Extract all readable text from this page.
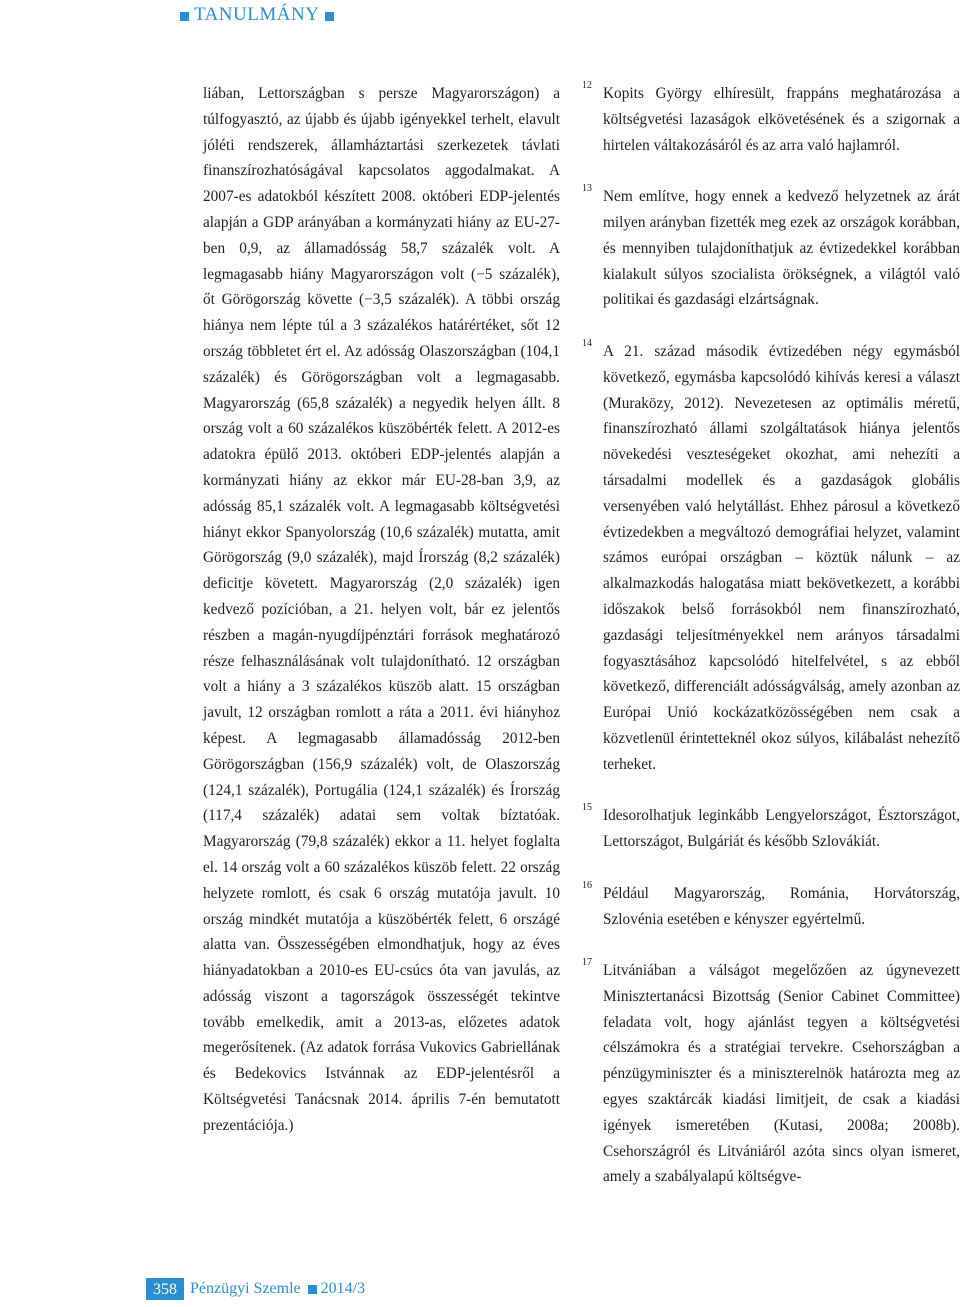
TANULMÁNY

liában, Lettországban s persze Magyarországon) a túlfogyasztó, az újabb és újabb igényekkel terhelt, elavult jóléti rendszerek, államháztartási szerkezetek távlati finanszírozhatóságával kapcsolatos aggodalmakat. A 2007-es adatokból készített 2008. októberi EDP-jelentés alapján a GDP arányában a kormányzati hiány az EU-27-ben 0,9, az államadósság 58,7 százalék volt. A legmagasabb hiány Magyarországon volt (−5 százalék), őt Görögország követte (−3,5 százalék). A többi ország hiánya nem lépte túl a 3 százalékos határértéket, sőt 12 ország többletet ért el. Az adósság Olaszországban (104,1 százalék) és Görögországban volt a legmagasabb. Magyarország (65,8 százalék) a negyedik helyen állt. 8 ország volt a 60 százalékos küszöbérték felett. A 2012-es adatokra épülő 2013. októberi EDP-jelentés alapján a kormányzati hiány az ekkor már EU-28-ban 3,9, az adósság 85,1 százalék volt. A legmagasabb költségvetési hiányt ekkor Spanyolország (10,6 százalék) mutatta, amit Görögország (9,0 százalék), majd Írország (8,2 százalék) deficitje követett. Magyarország (2,0 százalék) igen kedvező pozícióban, a 21. helyen volt, bár ez jelentős részben a magán-nyugdíjpénztári források meghatározó része felhasználásának volt tulajdonítható. 12 országban volt a hiány a 3 százalékos küszöb alatt. 15 országban javult, 12 országban romlott a ráta a 2011. évi hiányhoz képest. A legmagasabb államadósság 2012-ben Görögországban (156,9 százalék) volt, de Olaszország (124,1 százalék), Portugália (124,1 százalék) és Írország (117,4 százalék) adatai sem voltak bíztatóak. Magyarország (79,8 százalék) ekkor a 11. helyet foglalta el. 14 ország volt a 60 százalékos küszöb felett. 22 ország helyzete romlott, és csak 6 ország mutatója javult. 10 ország mindkét mutatója a küszöbérték felett, 6 országé alatta van. Összességében elmondhatjuk, hogy az éves hiányadatokban a 2010-es EU-csúcs óta van javulás, az adósság viszont a tagországok összességét tekintve tovább emelkedik, amit a 2013-as, előzetes adatok megerősítenek. (Az adatok forrása Vukovics Gabriellának és Bedekovics Istvánnak az EDP-jelentésről a Költségvetési Tanácsnak 2014. április 7-én bemutatott prezentációja.)

12 Kopits György elhíresült, frappáns meghatározása a költségvetési lazaságok elkövetésének és a szigornak a hirtelen váltakozásáról és az arra való hajlamról.
13 Nem említve, hogy ennek a kedvező helyzetnek az árát milyen arányban fizették meg ezek az országok korábban, és mennyiben tulajdoníthatjuk az évtizedekkel korábban kialakult súlyos szocialista örökségnek, a világtól való politikai és gazdasági elzártságnak.
14 A 21. század második évtizedében négy egymásból következő, egymásba kapcsolódó kihívás keresi a választ (Muraközy, 2012). Nevezetesen az optimális méretű, finanszírozható állami szolgáltatások hiánya jelentős növekedési veszteségeket okozhat, ami nehezíti a társadalmi modellek és a gazdaságok globális versenyében való helytállást. Ehhez párosul a következő évtizedekben a megváltozó demográfiai helyzet, valamint számos európai országban – köztük nálunk – az alkalmazkodás halogatása miatt bekövetkezett, a korábbi időszakok belső forrásokból nem finanszírozható, gazdasági teljesítményekkel nem arányos társadalmi fogyasztásához kapcsolódó hitelfelvétel, s az ebből következő, differenciált adósságválság, amely azonban az Európai Unió kockázatközösségében nem csak a közvetlenül érintetteknél okoz súlyos, kilábalást nehezítő terheket.
15 Idesorolhatjuk leginkább Lengyelországot, Észtországot, Lettországot, Bulgáriát és később Szlovákiát.
16 Például Magyarország, Románia, Horvátország, Szlovénia esetében e kényszer egyértelmű.
17 Litvániában a válságot megelőzően az úgynevezett Minisztertanácsi Bizottság (Senior Cabinet Committee) feladata volt, hogy ajánlást tegyen a költségvetési célszámokra és a stratégiai tervekre. Csehországban a pénzügyminiszter és a miniszterelnök határozta meg az egyes szaktárcák kiadási limitjeit, de csak a kiadási igények ismeretében (Kutasi, 2008a; 2008b). Csehországról és Litvániáról azóta sincs olyan ismeret, amely a szabályalapú költségve-
358 Pénzügyi Szemle 2014/3
